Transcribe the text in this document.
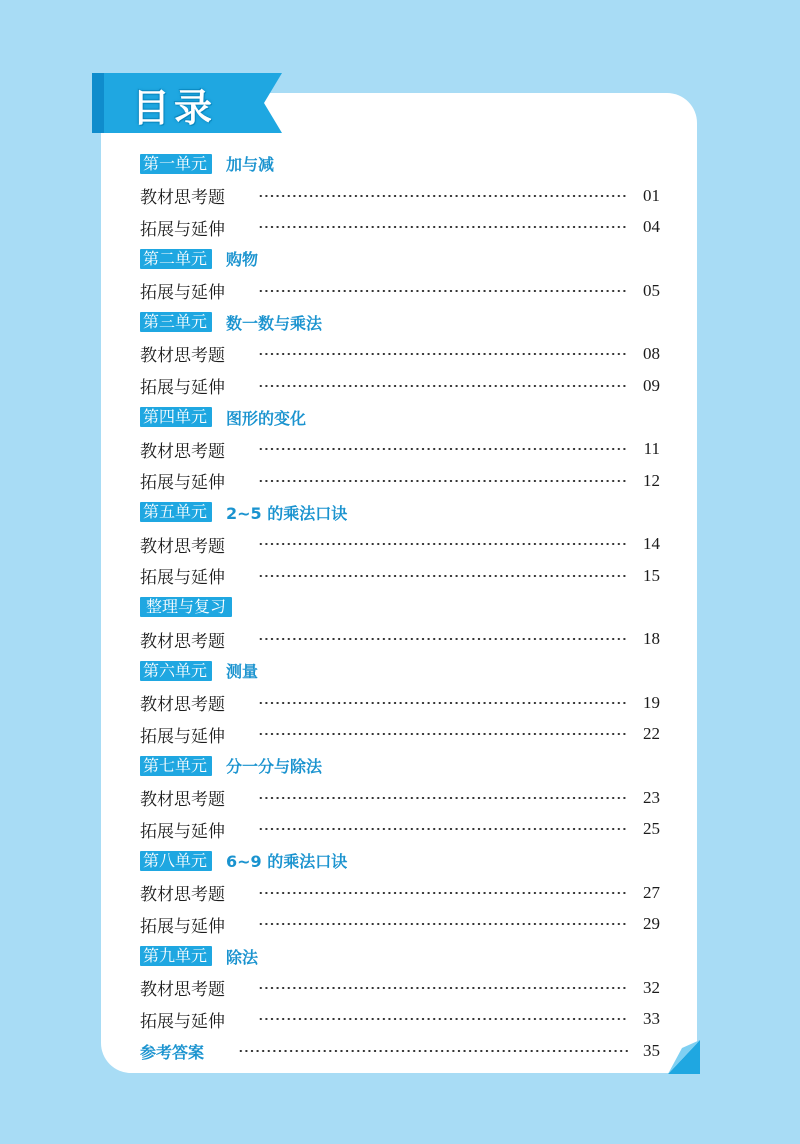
目录
第一单元	加与减
教材思考题	01
拓展与延伸	04
第二单元	购物
拓展与延伸	05
第三单元	数一数与乘法
教材思考题	08
拓展与延伸	09
第四单元	图形的变化
教材思考题	11
拓展与延伸	12
第五单元	2~5 的乘法口诀
教材思考题	14
拓展与延伸	15
整理与复习
教材思考题	18
第六单元	测量
教材思考题	19
拓展与延伸	22
第七单元	分一分与除法
教材思考题	23
拓展与延伸	25
第八单元	6~9 的乘法口诀
教材思考题	27
拓展与延伸	29
第九单元	除法
教材思考题	32
拓展与延伸	33
参考答案	35
